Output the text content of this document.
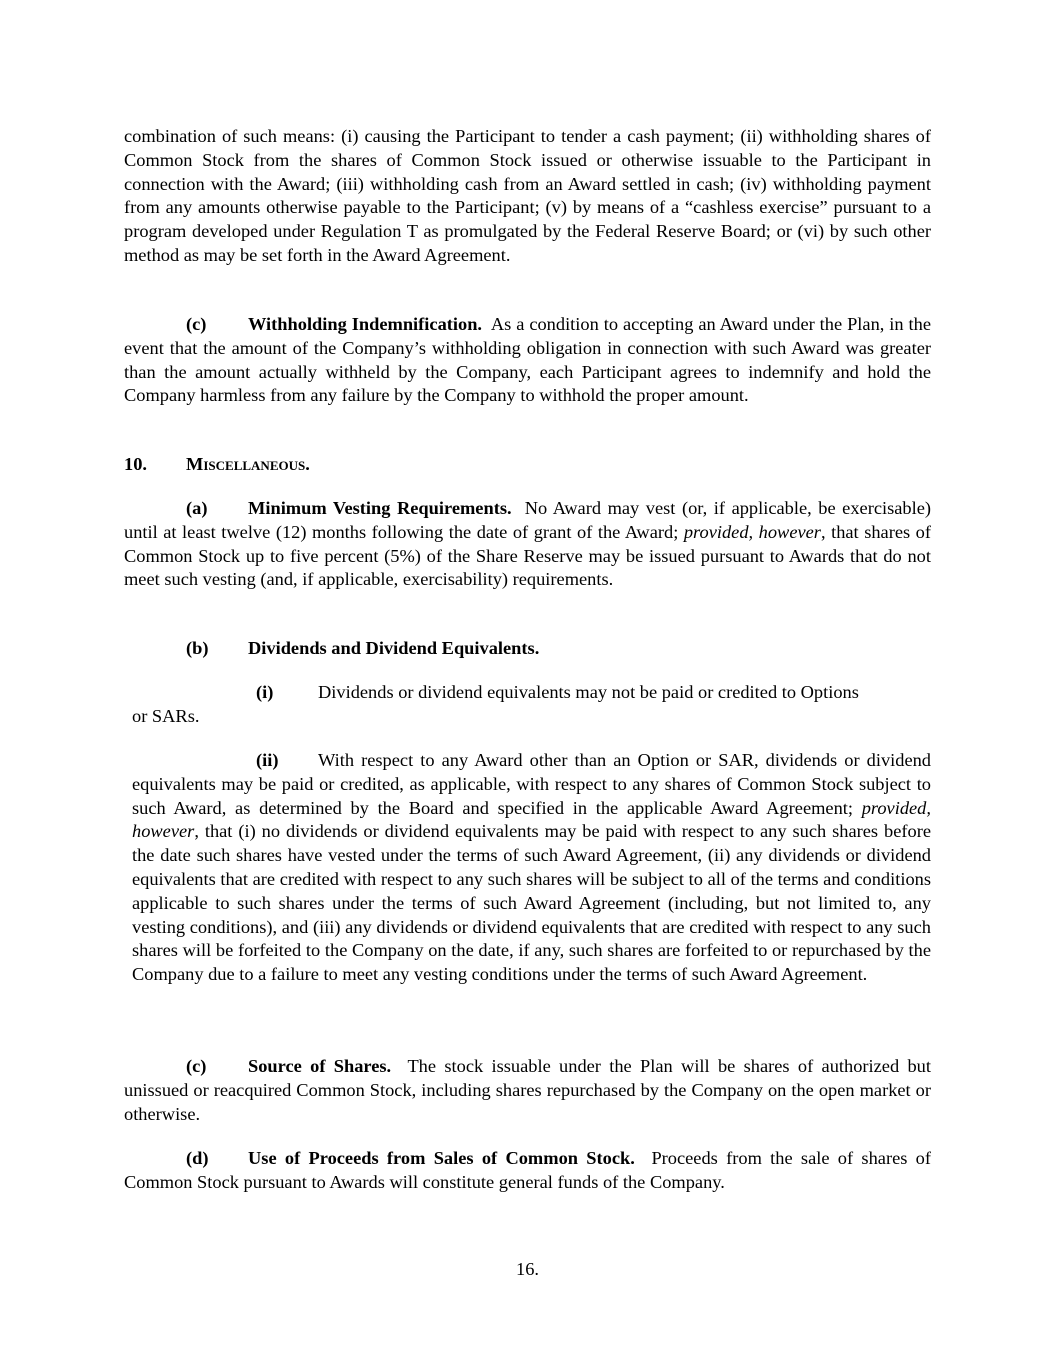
combination of such means: (i) causing the Participant to tender a cash payment; (ii) withholding shares of Common Stock from the shares of Common Stock issued or otherwise issuable to the Participant in connection with the Award; (iii) withholding cash from an Award settled in cash; (iv) withholding payment from any amounts otherwise payable to the Participant; (v) by means of a “cashless exercise” pursuant to a program developed under Regulation T as promulgated by the Federal Reserve Board; or (vi) by such other method as may be set forth in the Award Agreement.

(c) Withholding Indemnification. As a condition to accepting an Award under the Plan, in the event that the amount of the Company’s withholding obligation in connection with such Award was greater than the amount actually withheld by the Company, each Participant agrees to indemnify and hold the Company harmless from any failure by the Company to withhold the proper amount.

10. Miscellaneous.

(a) Minimum Vesting Requirements. No Award may vest (or, if applicable, be exercisable) until at least twelve (12) months following the date of grant of the Award; provided, however, that shares of Common Stock up to five percent (5%) of the Share Reserve may be issued pursuant to Awards that do not meet such vesting (and, if applicable, exercisability) requirements.

(b) Dividends and Dividend Equivalents.

(i) Dividends or dividend equivalents may not be paid or credited to Options

or SARs.

(ii) With respect to any Award other than an Option or SAR, dividends or dividend equivalents may be paid or credited, as applicable, with respect to any shares of Common Stock subject to such Award, as determined by the Board and specified in the applicable Award Agreement; provided, however, that (i) no dividends or dividend equivalents may be paid with respect to any such shares before the date such shares have vested under the terms of such Award Agreement, (ii) any dividends or dividend equivalents that are credited with respect to any such shares will be subject to all of the terms and conditions applicable to such shares under the terms of such Award Agreement (including, but not limited to, any vesting conditions), and (iii) any dividends or dividend equivalents that are credited with respect to any such shares will be forfeited to the Company on the date, if any, such shares are forfeited to or repurchased by the Company due to a failure to meet any vesting conditions under the terms of such Award Agreement.

(c) Source of Shares. The stock issuable under the Plan will be shares of authorized but unissued or reacquired Common Stock, including shares repurchased by the Company on the open market or otherwise.

(d) Use of Proceeds from Sales of Common Stock. Proceeds from the sale of shares of Common Stock pursuant to Awards will constitute general funds of the Company.

16.
